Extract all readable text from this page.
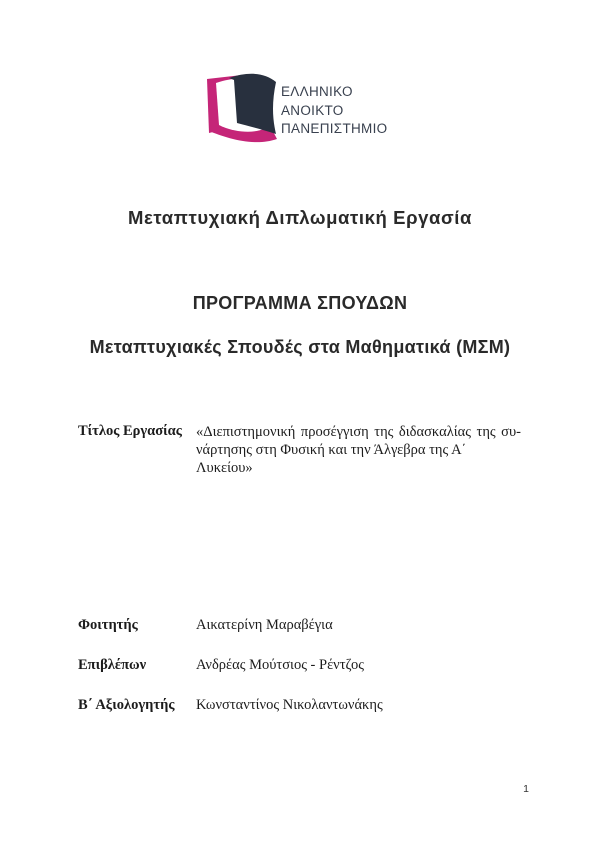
ΕΛΛΗΝΙΚΟ
ΑΝΟΙΚΤΟ
ΠΑΝΕΠΙΣΤΗΜΙΟ
Μεταπτυχιακή Διπλωματική Εργασία
ΠΡΟΓΡΑΜΜΑ ΣΠΟΥΔΩΝ
Μεταπτυχιακές Σπουδές στα Μαθηματικά (ΜΣΜ)
Τίτλος Εργασίας «Διεπιστημονική προσέγγιση της διδασκαλίας της συ-
νάρτησης στη Φυσική και την Άλγεβρα της Α΄ Λυκείου»
Φοιτητής	Αικατερίνη Μαραβέγια
Επιβλέπων	Ανδρέας Μούτσιος - Ρέντζος
Β΄ Αξιολογητής Κωνσταντίνος Νικολαντωνάκης
1
